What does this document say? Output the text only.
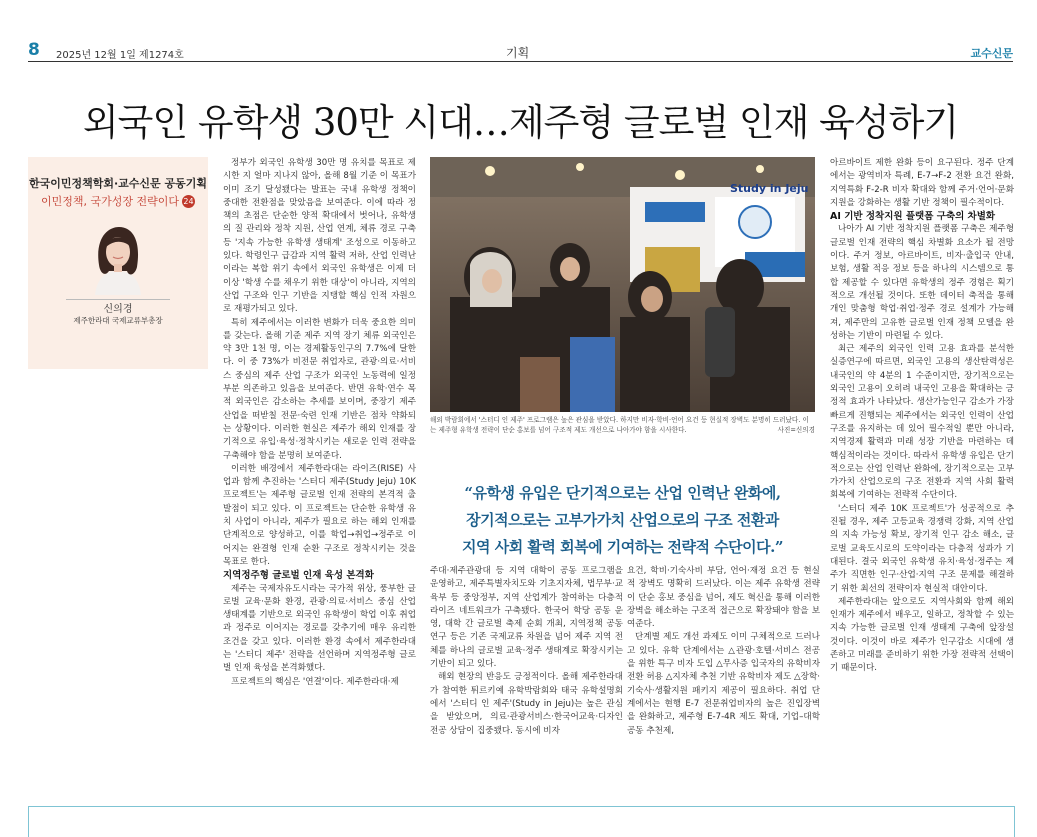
8 2025년 12월 1일 제1274호	기획	교수신문
외국인 유학생 30만 시대…제주형 글로벌 인재 육성하기
한국이민정책학회·교수신문 공동기획
이민정책, 국가성장 전략이다 24
신의경
제주한라대 국제교류부총장

정부가 외국인 유학생 30만 명 유치를 목표로 제시한 지 얼마 지나지 않아, 올해 8월 기준 이 목표가 이미 조기 달성됐다는 발표는 국내 유학생 정책이 중대한 전환점을 맞았음을 보여준다. 이에 따라 정책의 초점은 단순한 양적 확대에서 벗어나, 유학생의 질 관리와 정착 지원, 산업 연계, 체류 경로 구축 등 '지속 가능한 유학생 생태계' 조성으로 이동하고 있다. 학령인구 급감과 지역 활력 저하, 산업 인력난이라는 복합 위기 속에서 외국인 유학생은 이제 더 이상 '학생 수를 채우기 위한 대상'이 아니라, 지역의 산업 구조와 인구 기반을 지탱할 핵심 인적 자원으로 재평가되고 있다.

특히 제주에서는 이러한 변화가 더욱 중요한 의미를 갖는다. 올해 기준 제주 지역 장기 체류 외국인은 약 3만 1천 명, 이는 경제활동인구의 7.7%에 달한다. 이 중 73%가 비전문 취업자로, 관광·의료·서비스 중심의 제주 산업 구조가 외국인 노동력에 일정 부분 의존하고 있음을 보여준다. 반면 유학·연수 목적 외국인은 감소하는 추세를 보이며, 중장기 제주 산업을 떠받칠 전문·숙련 인재 기반은 점차 약화되는 상황이다. 이러한 현실은 제주가 해외 인재를 장기적으로 유입·육성·정착시키는 새로운 인력 전략을 구축해야 함을 분명히 보여준다.

이러한 배경에서 제주한라대는 라이즈(RISE) 사업과 함께 추진하는 '스터디 제주(Study Jeju) 10K 프로젝트'는 제주형 글로벌 인재 전략의 본격적 출발점이 되고 있다. 이 프로젝트는 단순한 유학생 유치 사업이 아니라, 제주가 필요로 하는 해외 인재를 단계적으로 양성하고, 이를 학업→취업→정주로 이어지는 완결형 인재 순환 구조로 정착시키는 것을 목표로 한다.

지역정주형 글로벌 인재 육성 본격화

제주는 국제자유도시라는 국가적 위상, 풍부한 글로벌 교육·문화 환경, 관광·의료·서비스 중심 산업 생태계를 기반으로 외국인 유학생이 학업 이후 취업과 정주로 이어지는 경로를 갖추기에 매우 유리한 조건을 갖고 있다. 이러한 환경 속에서 제주한라대는 '스터디 제주' 전략을 선언하며 지역정주형 글로벌 인재 육성을 본격화했다.

프로젝트의 핵심은 '연결'이다. 제주한라대·제

Study in Jeju
해외 박람회에서 '스터디 인 제주' 프로그램은 높은 관심을 받았다. 하지만 비자·학비·언어 요건 등 현실적 장벽도 분명히 드러났다. 이는 제주형 유학생 전략이 단순 홍보를 넘어 구조적 제도 개선으로 나아가야 함을 시사한다.	사진=신의경
“유학생 유입은 단기적으로는 산업 인력난 완화에,
장기적으로는 고부가가치 산업으로의 구조 전환과
지역 사회 활력 회복에 기여하는 전략적 수단이다.”

주대·제주관광대 등 지역 대학이 공동 프로그램을 운영하고, 제주특별자치도와 기초지자체, 법무부·교육부 등 중앙정부, 지역 산업계가 참여하는 다층적 라이즈 네트워크가 구축됐다. 한국어 학당 공동 운영, 대학 간 글로벌 축제 순회 개최, 지역정책 공동 연구 등은 기존 국제교류 차원을 넘어 제주 지역 전체를 하나의 글로벌 교육·정주 생태계로 확장시키는 기반이 되고 있다.

해외 현장의 반응도 긍정적이다. 올해 제주한라대가 참여한 튀르키예 유학박람회와 태국 유학설명회에서 '스터디 인 제주'(Study in Jeju)는 높은 관심을 받았으며, 의료·관광서비스·한국어교육·디자인 전공 상담이 집중됐다. 동시에 비자

요건, 학비·기숙사비 부담, 언어·재정 요건 등 현실적 장벽도 명확히 드러났다. 이는 제주 유학생 전략이 단순 홍보 중심을 넘어, 제도 혁신을 통해 이러한 장벽을 해소하는 구조적 접근으로 확장돼야 함을 보여준다.

단계별 제도 개선 과제도 이미 구체적으로 드러나고 있다. 유학 단계에서는 △관광·호텔·서비스 전공을 위한 특구 비자 도입 △무사증 입국자의 유학비자 전환 허용 △지자체 추천 기반 유학비자 제도 △장학·기숙사·생활지원 패키지 제공이 필요하다. 취업 단계에서는 현행 E-7 전문취업비자의 높은 진입장벽을 완화하고, 제주형 E-7-4R 제도 확대, 기업–대학 공동 추천제,

아르바이트 제한 완화 등이 요구된다. 정주 단계에서는 광역비자 특례, E-7→F-2 전환 요건 완화, 지역특화 F-2-R 비자 확대와 함께 주거·언어·문화 지원을 강화하는 생활 기반 정책이 필수적이다.

AI 기반 정착지원 플랫폼 구축의 차별화

나아가 AI 기반 정착지원 플랫폼 구축은 제주형 글로벌 인재 전략의 핵심 차별화 요소가 될 전망이다. 주거 정보, 아르바이트, 비자·출입국 안내, 보험, 생활 적응 정보 등을 하나의 시스템으로 통합 제공할 수 있다면 유학생의 정주 경험은 획기적으로 개선될 것이다. 또한 데이터 축적을 통해 개인 맞춤형 학업·취업·정주 경로 설계가 가능해져, 제주만의 고유한 글로벌 인재 정책 모델을 완성하는 기반이 마련될 수 있다.

최근 제주의 외국인 인력 고용 효과를 분석한 실증연구에 따르면, 외국인 고용의 생산탄력성은 내국인의 약 4분의 1 수준이지만, 장기적으로는 외국인 고용이 오히려 내국인 고용을 확대하는 긍정적 효과가 나타났다. 생산가능인구 감소가 가장 빠르게 진행되는 제주에서는 외국인 인력이 산업구조를 유지하는 데 있어 필수적일 뿐만 아니라, 지역경제 활력과 미래 성장 기반을 마련하는 데 핵심적이라는 것이다. 따라서 유학생 유입은 단기적으로는 산업 인력난 완화에, 장기적으로는 고부가가치 산업으로의 구조 전환과 지역 사회 활력 회복에 기여하는 전략적 수단이다.

'스터디 제주 10K 프로젝트'가 성공적으로 추진될 경우, 제주 고등교육 경쟁력 강화, 지역 산업의 지속 가능성 확보, 장기적 인구 감소 해소, 글로벌 교육도시로의 도약이라는 다층적 성과가 기대된다. 결국 외국인 유학생 유치·육성·정주는 제주가 직면한 인구·산업·지역 구조 문제를 해결하기 위한 최선의 전략이자 현실적 대안이다.

제주한라대는 앞으로도 지역사회와 함께 해외 인재가 제주에서 배우고, 일하고, 정착할 수 있는 지속 가능한 글로벌 인재 생태계 구축에 앞장설 것이다. 이것이 바로 제주가 인구감소 시대에 생존하고 미래를 준비하기 위한 가장 전략적 선택이기 때문이다.
